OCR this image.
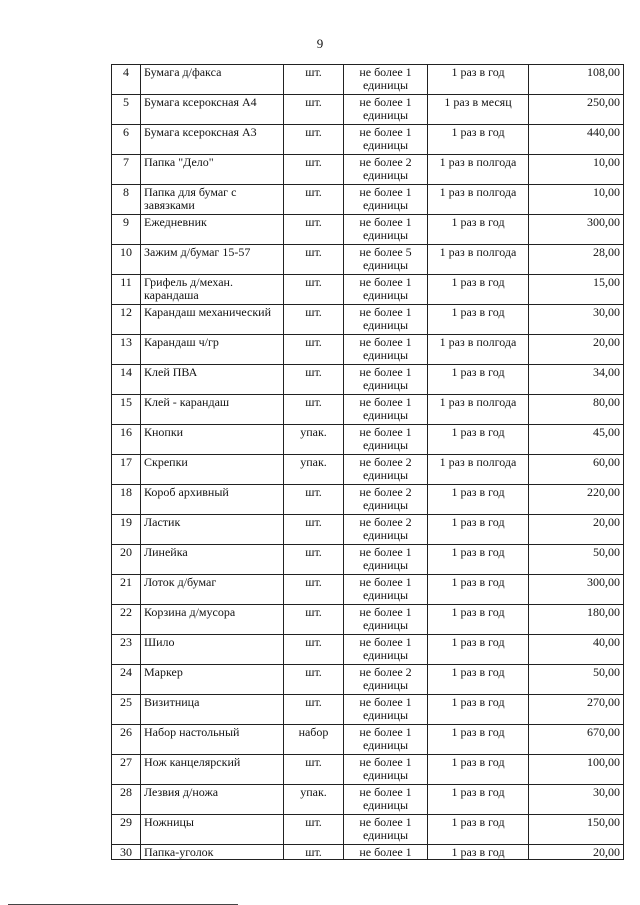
9
4	Бумага д/факса	шт.	не более 1 единицы	1 раз в год	108,00
5	Бумага ксероксная А4	шт.	не более 1 единицы	1 раз в месяц	250,00
6	Бумага ксероксная А3	шт.	не более 1 единицы	1 раз в год	440,00
7	Папка "Дело"	шт.	не более 2 единицы	1 раз в полгода	10,00
8	Папка для бумаг с завязками	шт.	не более 1 единицы	1 раз в полгода	10,00
9	Ежедневник	шт.	не более 1 единицы	1 раз в год	300,00
10	Зажим д/бумаг 15-57	шт.	не более 5 единицы	1 раз в полгода	28,00
11	Грифель д/механ. карандаша	шт.	не более 1 единицы	1 раз в год	15,00
12	Карандаш механический	шт.	не более 1 единицы	1 раз в год	30,00
13	Карандаш ч/гр	шт.	не более 1 единицы	1 раз в полгода	20,00
14	Клей ПВА	шт.	не более 1 единицы	1 раз в год	34,00
15	Клей - карандаш	шт.	не более 1 единицы	1 раз в полгода	80,00
16	Кнопки	упак.	не более 1 единицы	1 раз в год	45,00
17	Скрепки	упак.	не более 2 единицы	1 раз в полгода	60,00
18	Короб архивный	шт.	не более 2 единицы	1 раз в год	220,00
19	Ластик	шт.	не более 2 единицы	1 раз в год	20,00
20	Линейка	шт.	не более 1 единицы	1 раз в год	50,00
21	Лоток д/бумаг	шт.	не более 1 единицы	1 раз в год	300,00
22	Корзина д/мусора	шт.	не более 1 единицы	1 раз в год	180,00
23	Шило	шт.	не более 1 единицы	1 раз в год	40,00
24	Маркер	шт.	не более 2 единицы	1 раз в год	50,00
25	Визитница	шт.	не более 1 единицы	1 раз в год	270,00
26	Набор настольный	набор	не более 1 единицы	1 раз в год	670,00
27	Нож канцелярский	шт.	не более 1 единицы	1 раз в год	100,00
28	Лезвия д/ножа	упак.	не более 1 единицы	1 раз в год	30,00
29	Ножницы	шт.	не более 1 единицы	1 раз в год	150,00
30	Папка-уголок	шт.	не более 1	1 раз в год	20,00
